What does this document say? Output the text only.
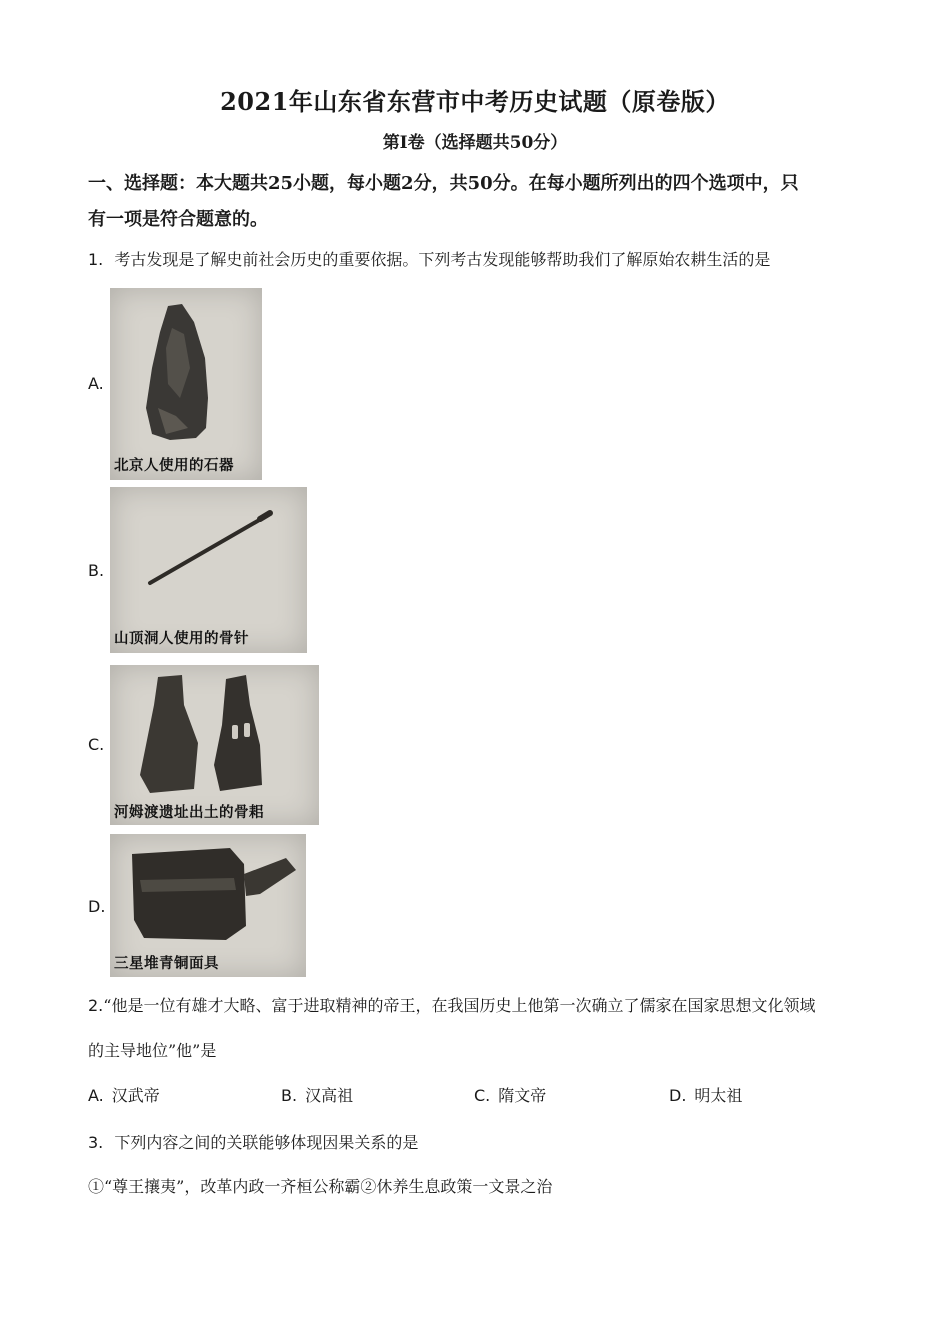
2021年山东省东营市中考历史试题（原卷版）
第Ⅰ卷（选择题共50分）
一、选择题：本大题共25小题，每小题2分，共50分。在每小题所列出的四个选项中，只
有一项是符合题意的。
1. 考古发现是了解史前社会历史的重要依据。下列考古发现能够帮助我们了解原始农耕生活的是
A.
北京人使用的石器
B.
山顶洞人使用的骨针
C.
河姆渡遗址出土的骨耜
D.
三星堆青铜面具
2.“他是一位有雄才大略、富于进取精神的帝王，在我国历史上他第一次确立了儒家在国家思想文化领域
的主导地位”他”是
A. 汉武帝	B. 汉高祖	C. 隋文帝	D. 明太祖
3. 下列内容之间的关联能够体现因果关系的是
①“尊王攘夷”，改革内政一齐桓公称霸②休养生息政策一文景之治
